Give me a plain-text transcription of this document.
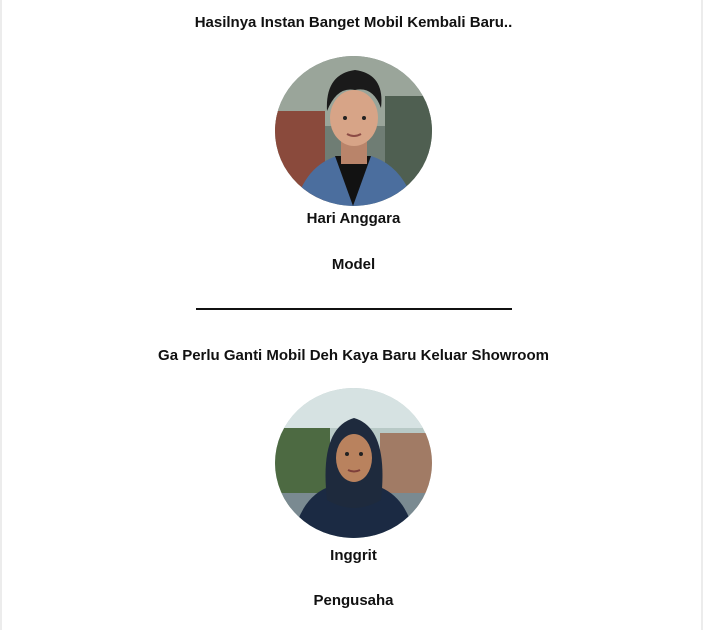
Hasilnya Instan Banget Mobil Kembali Baru..
Hari Anggara
Model
Ga Perlu Ganti Mobil Deh Kaya Baru Keluar Showroom
Inggrit
Pengusaha
